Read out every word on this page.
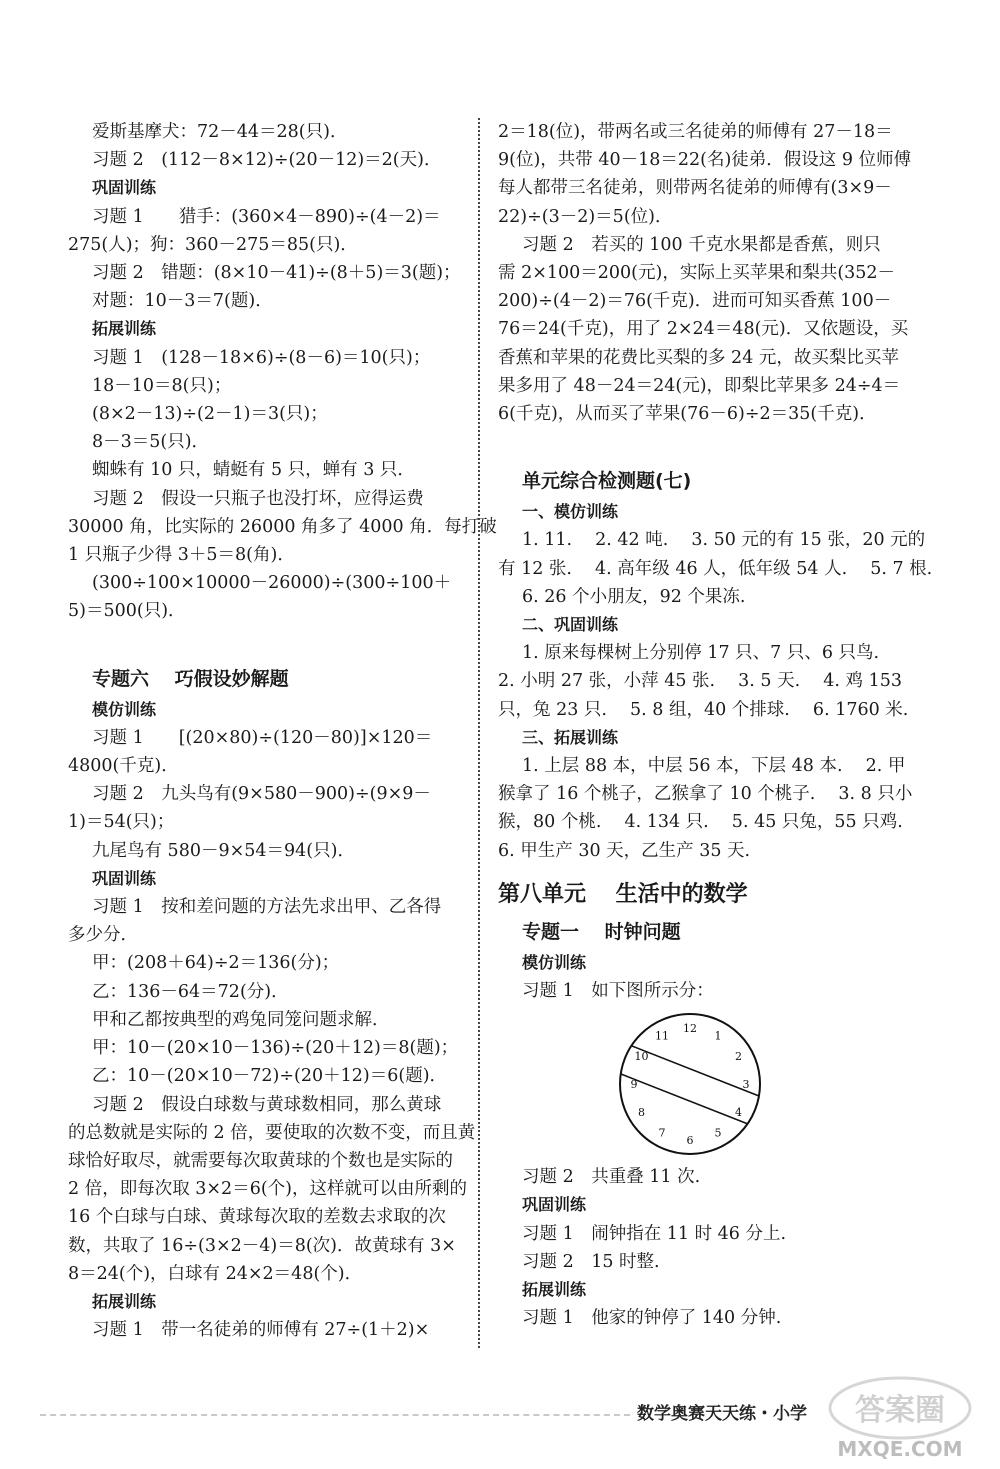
爱斯基摩犬：72－44＝28(只)．
习题 2　(112－8×12)÷(20－12)＝2(天)．
巩固训练
习题 1　　猎手：(360×4－890)÷(4－2)＝
275(人)；狗：360－275＝85(只)．
习题 2　错题：(8×10－41)÷(8＋5)＝3(题)；
对题：10－3＝7(题)．
拓展训练
习题 1　(128－18×6)÷(8－6)＝10(只)；
18－10＝8(只)；
(8×2－13)÷(2－1)＝3(只)；
8－3＝5(只)．
蜘蛛有 10 只，蜻蜓有 5 只，蝉有 3 只．
习题 2　假设一只瓶子也没打坏，应得运费
30000 角，比实际的 26000 角多了 4000 角．每打破
1 只瓶子少得 3＋5＝8(角)．
(300÷100×10000－26000)÷(300÷100＋
5)＝500(只)．
专题六　 巧假设妙解题
模仿训练
习题 1　　[(20×80)÷(120－80)]×120＝
4800(千克)．
习题 2　九头鸟有(9×580－900)÷(9×9－
1)＝54(只)；
九尾鸟有 580－9×54＝94(只)．
巩固训练
习题 1　按和差问题的方法先求出甲、乙各得
多少分．
甲：(208＋64)÷2＝136(分)；
乙：136－64＝72(分)．
甲和乙都按典型的鸡兔同笼问题求解．
甲：10－(20×10－136)÷(20＋12)＝8(题)；
乙：10－(20×10－72)÷(20＋12)＝6(题)．
习题 2　假设白球数与黄球数相同，那么黄球
的总数就是实际的 2 倍，要使取的次数不变，而且黄
球恰好取尽，就需要每次取黄球的个数也是实际的
2 倍，即每次取 3×2＝6(个)，这样就可以由所剩的
16 个白球与白球、黄球每次取的差数去求取的次
数，共取了 16÷(3×2－4)＝8(次)．故黄球有 3×
8＝24(个)，白球有 24×2＝48(个)．
拓展训练
习题 1　带一名徒弟的师傅有 27÷(1＋2)×
2＝18(位)，带两名或三名徒弟的师傅有 27－18＝
9(位)，共带 40－18＝22(名)徒弟．假设这 9 位师傅
每人都带三名徒弟，则带两名徒弟的师傅有(3×9－
22)÷(3－2)＝5(位)．
习题 2　若买的 100 千克水果都是香蕉，则只
需 2×100＝200(元)，实际上买苹果和梨共(352－
200)÷(4－2)＝76(千克)．进而可知买香蕉 100－
76＝24(千克)，用了 2×24＝48(元)．又依题设，买
香蕉和苹果的花费比买梨的多 24 元，故买梨比买苹
果多用了 48－24＝24(元)，即梨比苹果多 24÷4＝
6(千克)，从而买了苹果(76－6)÷2＝35(千克)．
单元综合检测题(七)
一、模仿训练
1. 11.　 2. 42 吨.　 3. 50 元的有 15 张，20 元的
有 12 张.　 4. 高年级 46 人，低年级 54 人.　 5. 7 根.
6. 26 个小朋友，92 个果冻.
二、巩固训练
1. 原来每棵树上分别停 17 只、7 只、6 只鸟.
2. 小明 27 张，小萍 45 张.　 3. 5 天.　 4. 鸡 153
只，兔 23 只.　 5. 8 组，40 个排球.　 6. 1760 米.
三、拓展训练
1. 上层 88 本，中层 56 本，下层 48 本.　 2. 甲
猴拿了 16 个桃子，乙猴拿了 10 个桃子.　 3. 8 只小
猴，80 个桃.　 4. 134 只.　 5. 45 只兔，55 只鸡.
6. 甲生产 30 天，乙生产 35 天.
第八单元　 生活中的数学
专题一　 时钟问题
模仿训练
习题 1　如下图所示分：
12
1
2
3
4
5
6
7
8
9
10
11
习题 2　共重叠 11 次.
巩固训练
习题 1　闹钟指在 11 时 46 分上.
习题 2　15 时整.
拓展训练
习题 1　他家的钟停了 140 分钟.
数学奥赛天天练・小学 答案圈
MXQE.COM
